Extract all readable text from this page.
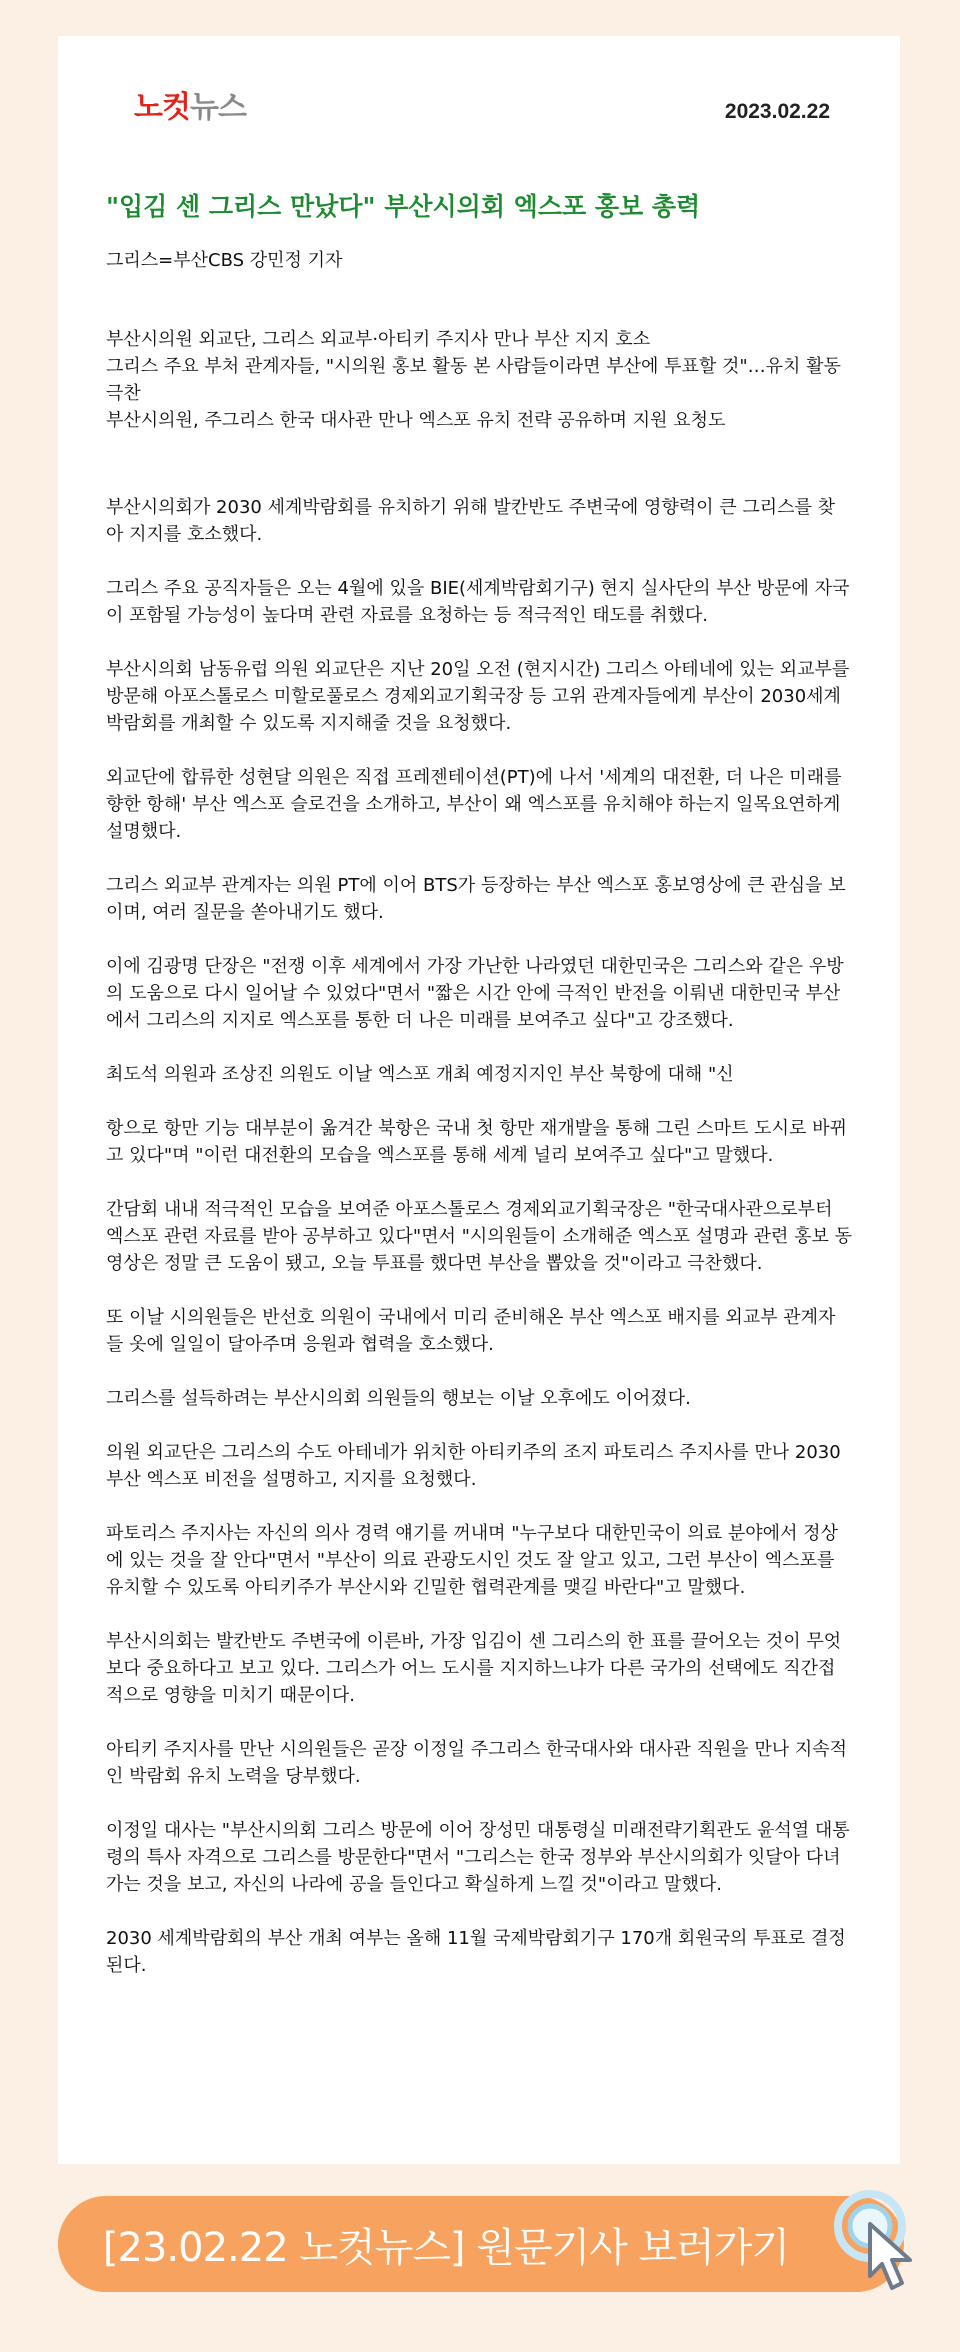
노컷뉴스	2023.02.22
"입김 센 그리스 만났다" 부산시의회 엑스포 홍보 총력
그리스=부산CBS 강민정 기자
부산시의원 외교단, 그리스 외교부·아티키 주지사 만나 부산 지지 호소
그리스 주요 부처 관계자들, "시의원 홍보 활동 본 사람들이라면 부산에 투표할 것"…유치 활동 극찬
부산시의원, 주그리스 한국 대사관 만나 엑스포 유치 전략 공유하며 지원 요청도

부산시의회가 2030 세계박람회를 유치하기 위해 발칸반도 주변국에 영향력이 큰 그리스를 찾아 지지를 호소했다.

그리스 주요 공직자들은 오는 4월에 있을 BIE(세계박람회기구) 현지 실사단의 부산 방문에 자국이 포함될 가능성이 높다며 관련 자료를 요청하는 등 적극적인 태도를 취했다.

부산시의회 남동유럽 의원 외교단은 지난 20일 오전 (현지시간) 그리스 아테네에 있는 외교부를 방문해 아포스톨로스 미할로풀로스 경제외교기획국장 등 고위 관계자들에게 부산이 2030세계박람회를 개최할 수 있도록 지지해줄 것을 요청했다.

외교단에 합류한 성현달 의원은 직접 프레젠테이션(PT)에 나서 '세계의 대전환, 더 나은 미래를 향한 항해' 부산 엑스포 슬로건을 소개하고, 부산이 왜 엑스포를 유치해야 하는지 일목요연하게 설명했다.

그리스 외교부 관계자는 의원 PT에 이어 BTS가 등장하는 부산 엑스포 홍보영상에 큰 관심을 보이며, 여러 질문을 쏟아내기도 했다.

이에 김광명 단장은 "전쟁 이후 세계에서 가장 가난한 나라였던 대한민국은 그리스와 같은 우방의 도움으로 다시 일어날 수 있었다"면서 "짧은 시간 안에 극적인 반전을 이뤄낸 대한민국 부산에서 그리스의 지지로 엑스포를 통한 더 나은 미래를 보여주고 싶다"고 강조했다.

최도석 의원과 조상진 의원도 이날 엑스포 개최 예정지지인 부산 북항에 대해 "신

항으로 항만 기능 대부분이 옮겨간 북항은 국내 첫 항만 재개발을 통해 그린 스마트 도시로 바뀌고 있다"며 "이런 대전환의 모습을 엑스포를 통해 세계 널리 보여주고 싶다"고 말했다.

간담회 내내 적극적인 모습을 보여준 아포스톨로스 경제외교기획국장은 "한국대사관으로부터 엑스포 관련 자료를 받아 공부하고 있다"면서 "시의원들이 소개해준 엑스포 설명과 관련 홍보 동영상은 정말 큰 도움이 됐고, 오늘 투표를 했다면 부산을 뽑았을 것"이라고 극찬했다.

또 이날 시의원들은 반선호 의원이 국내에서 미리 준비해온 부산 엑스포 배지를 외교부 관계자들 옷에 일일이 달아주며 응원과 협력을 호소했다.

그리스를 설득하려는 부산시의회 의원들의 행보는 이날 오후에도 이어졌다.

의원 외교단은 그리스의 수도 아테네가 위치한 아티키주의 조지 파토리스 주지사를 만나 2030 부산 엑스포 비전을 설명하고, 지지를 요청했다.

파토리스 주지사는 자신의 의사 경력 얘기를 꺼내며 "누구보다 대한민국이 의료 분야에서 정상에 있는 것을 잘 안다"면서 "부산이 의료 관광도시인 것도 잘 알고 있고, 그런 부산이 엑스포를 유치할 수 있도록 아티키주가 부산시와 긴밀한 협력관계를 맺길 바란다"고 말했다.

부산시의회는 발칸반도 주변국에 이른바, 가장 입김이 센 그리스의 한 표를 끌어오는 것이 무엇보다 중요하다고 보고 있다. 그리스가 어느 도시를 지지하느냐가 다른 국가의 선택에도 직간접적으로 영향을 미치기 때문이다.

아티키 주지사를 만난 시의원들은 곧장 이정일 주그리스 한국대사와 대사관 직원을 만나 지속적인 박람회 유치 노력을 당부했다.

이정일 대사는 "부산시의회 그리스 방문에 이어 장성민 대통령실 미래전략기획관도 윤석열 대통령의 특사 자격으로 그리스를 방문한다"면서 "그리스는 한국 정부와 부산시의회가 잇달아 다녀가는 것을 보고, 자신의 나라에 공을 들인다고 확실하게 느낄 것"이라고 말했다.

2030 세계박람회의 부산 개최 여부는 올해 11월 국제박람회기구 170개 회원국의 투표로 결정된다.

[23.02.22 노컷뉴스] 원문기사 보러가기
